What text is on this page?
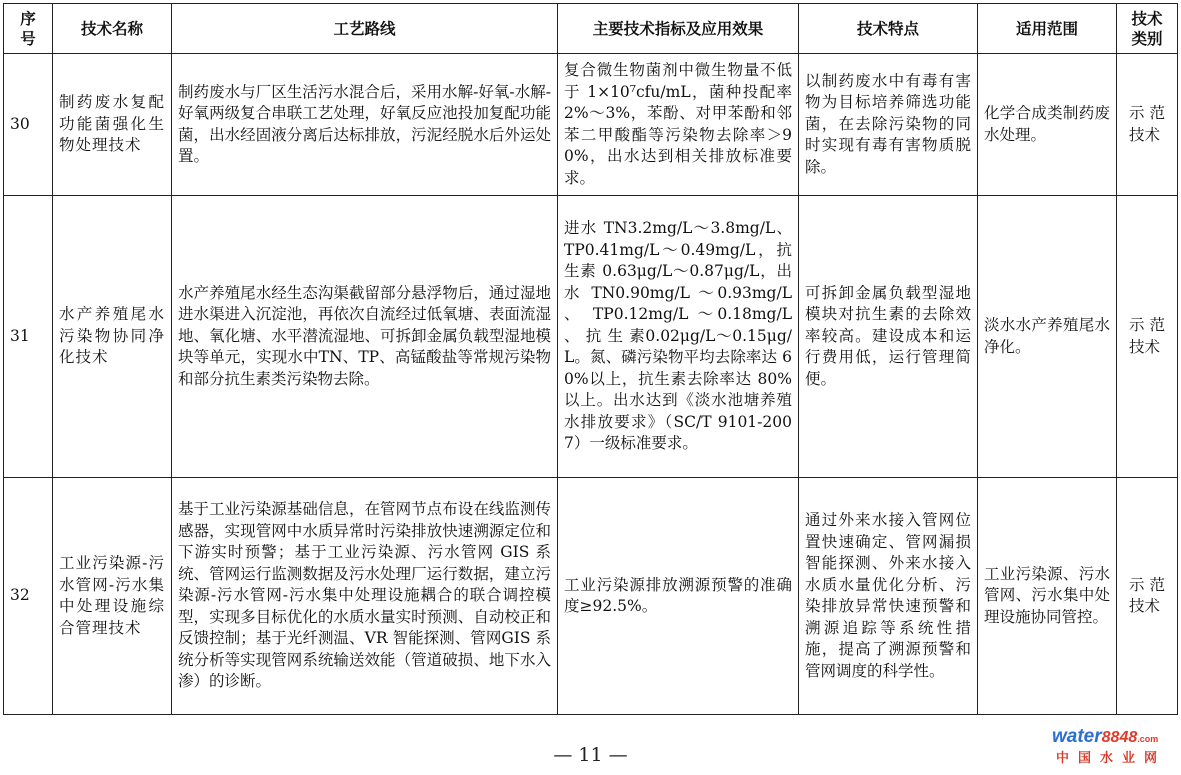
序号	技术名称	工艺路线	主要技术指标及应用效果	技术特点	适用范围	技术类别
30	制药废水复配功能菌强化生物处理技术	制药废水与厂区生活污水混合后，采用水解-好氧-水解-好氧两级复合串联工艺处理，好氧反应池投加复配功能菌，出水经固液分离后达标排放，污泥经脱水后外运处置。	复合微生物菌剂中微生物量不低于 1×10⁷cfu/mL，菌种投配率 2%～3%，苯酚、对甲苯酚和邻苯二甲酸酯等污染物去除率＞90%，出水达到相关排放标准要求。	以制药废水中有毒有害物为目标培养筛选功能菌，在去除污染物的同时实现有毒有害物质脱除。	化学合成类制药废水处理。	示范技术
31	水产养殖尾水污染物协同净化技术	水产养殖尾水经生态沟渠截留部分悬浮物后，通过湿地进水渠进入沉淀池，再依次自流经过低氧塘、表面流湿地、氧化塘、水平潜流湿地、可拆卸金属负载型湿地模块等单元，实现水中TN、TP、高锰酸盐等常规污染物和部分抗生素类污染物去除。	进水 TN3.2mg/L～3.8mg/L、TP0.41mg/L～0.49mg/L，抗生素 0.63μg/L～0.87μg/L，出 水 TN0.90mg/L ～0.93mg/L 、 TP0.12mg/L ～0.18mg/L 、 抗 生 素0.02μg/L～0.15μg/L。氮、磷污染物平均去除率达 60%以上，抗生素去除率达 80%以上。出水达到《淡水池塘养殖水排放要求》（SC/T 9101-2007）一级标准要求。	可拆卸金属负载型湿地模块对抗生素的去除效率较高。建设成本和运行费用低，运行管理简便。	淡水水产养殖尾水净化。	示范技术
32	工业污染源-污水管网-污水集中处理设施综合管理技术	基于工业污染源基础信息，在管网节点布设在线监测传感器，实现管网中水质异常时污染排放快速溯源定位和下游实时预警；基于工业污染源、污水管网 GIS 系统、管网运行监测数据及污水处理厂运行数据，建立污染源-污水管网-污水集中处理设施耦合的联合调控模型，实现多目标优化的水质水量实时预测、自动校正和反馈控制；基于光纤测温、VR 智能探测、管网GIS 系统分析等实现管网系统输送效能（管道破损、地下水入渗）的诊断。	工业污染源排放溯源预警的准确度≥92.5%。	通过外来水接入管网位置快速确定、管网漏损智能探测、外来水接入水质水量优化分析、污染排放异常快速预警和溯源追踪等系统性措施，提高了溯源预警和管网调度的科学性。	工业污染源、污水管网、污水集中处理设施协同管控。	示范技术
— 11 —
water8848.com
中国水业网
